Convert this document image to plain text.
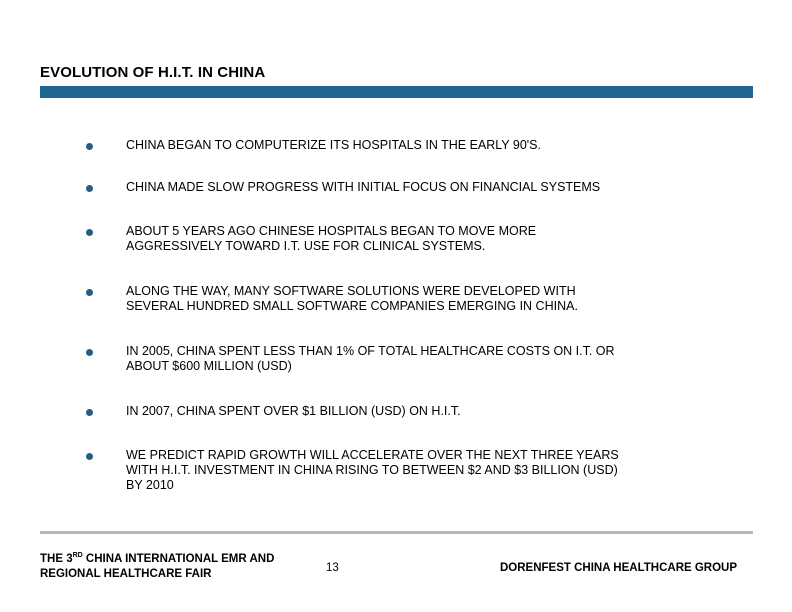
EVOLUTION OF H.I.T. IN CHINA
CHINA BEGAN TO COMPUTERIZE ITS HOSPITALS IN THE EARLY 90'S.
CHINA MADE SLOW PROGRESS WITH INITIAL FOCUS ON FINANCIAL SYSTEMS
ABOUT 5 YEARS AGO CHINESE HOSPITALS BEGAN TO MOVE MORE
AGGRESSIVELY TOWARD I.T. USE FOR CLINICAL SYSTEMS.
ALONG THE WAY, MANY SOFTWARE SOLUTIONS WERE DEVELOPED WITH
SEVERAL HUNDRED SMALL SOFTWARE COMPANIES EMERGING IN CHINA.
IN 2005, CHINA SPENT LESS THAN 1% OF TOTAL HEALTHCARE COSTS ON I.T. OR
ABOUT $600 MILLION (USD)
IN 2007, CHINA SPENT OVER $1 BILLION (USD) ON H.I.T.
WE PREDICT RAPID GROWTH WILL ACCELERATE OVER THE NEXT THREE YEARS
WITH H.I.T. INVESTMENT IN CHINA RISING TO BETWEEN $2 AND $3 BILLION (USD)
BY 2010
THE 3RD CHINA INTERNATIONAL EMR AND
REGIONAL HEALTHCARE FAIR	13	DORENFEST CHINA HEALTHCARE GROUP
